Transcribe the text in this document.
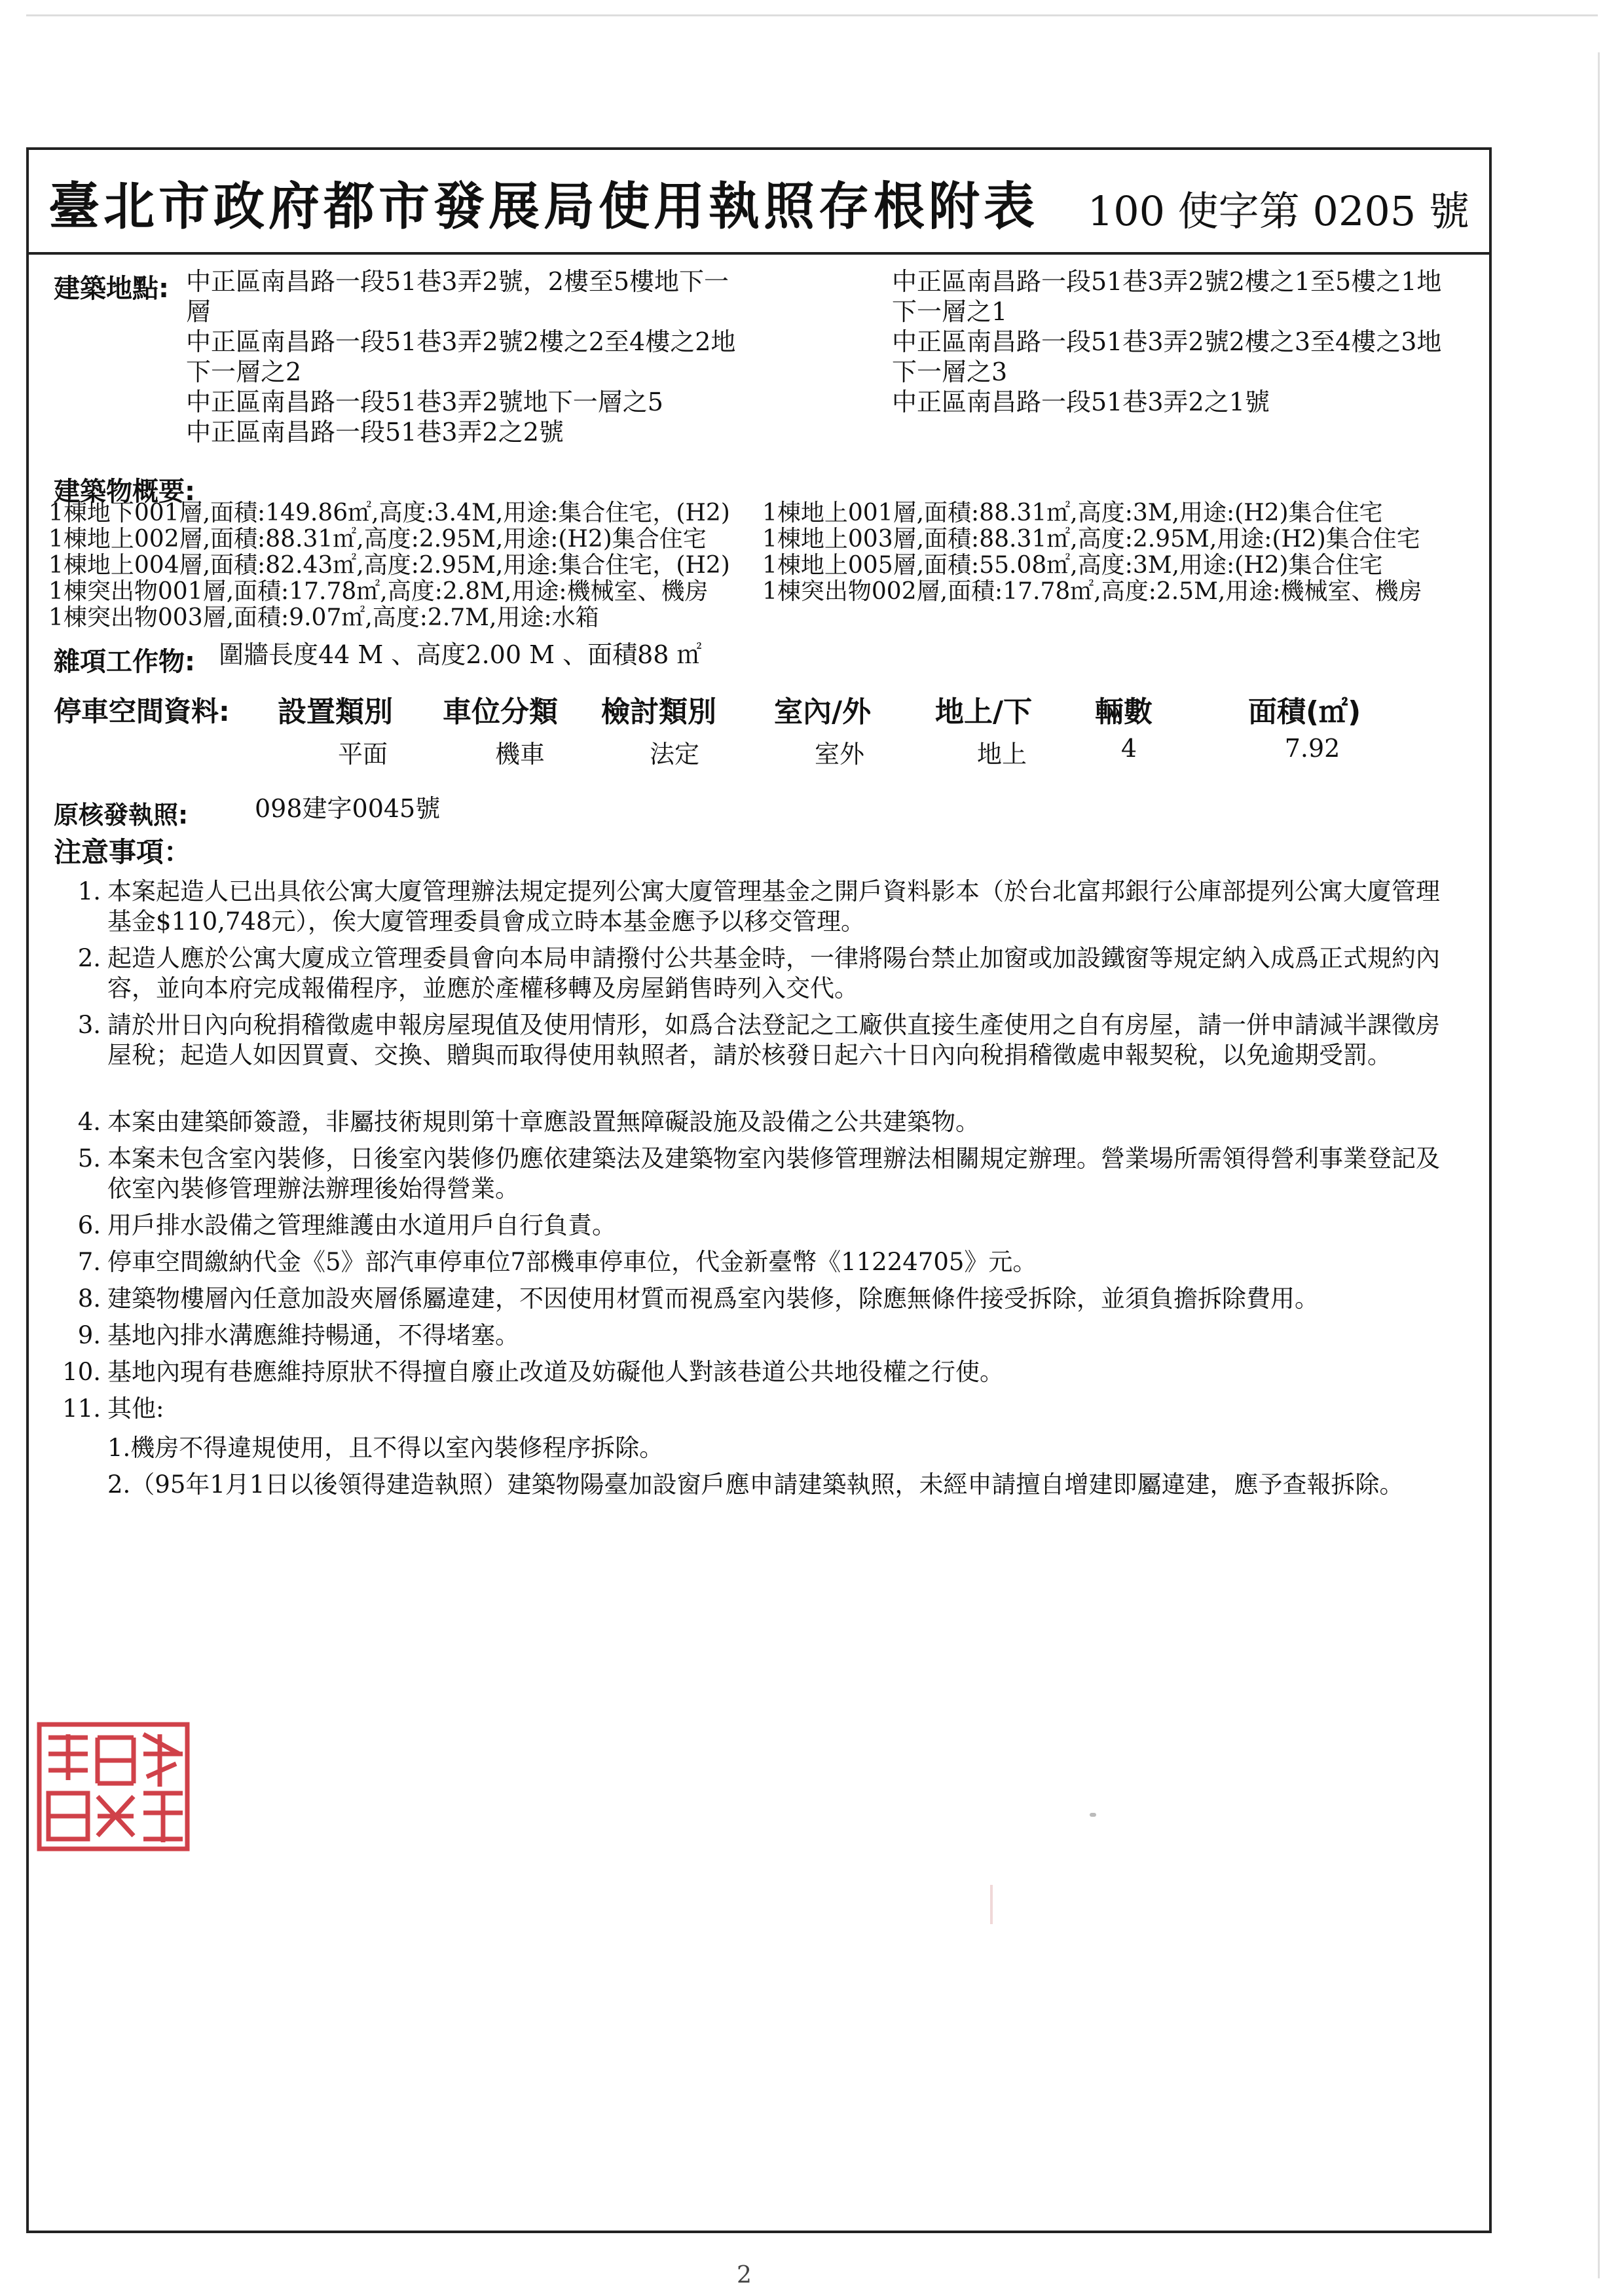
臺北市政府都市發展局使用執照存根附表 100 使字第 0205 號
建築地點: 中正區南昌路一段51巷3弄2號，2樓至5樓地下一
層
中正區南昌路一段51巷3弄2號2樓之2至4樓之2地
下一層之2
中正區南昌路一段51巷3弄2號地下一層之5
中正區南昌路一段51巷3弄2之2號
中正區南昌路一段51巷3弄2號2樓之1至5樓之1地
下一層之1
中正區南昌路一段51巷3弄2號2樓之3至4樓之3地
下一層之3
中正區南昌路一段51巷3弄2之1號
建築物概要:
1棟地下001層,面積:149.86㎡,高度:3.4M,用途:集合住宅，(H2)
1棟地上002層,面積:88.31㎡,高度:2.95M,用途:(H2)集合住宅
1棟地上004層,面積:82.43㎡,高度:2.95M,用途:集合住宅，(H2)
1棟突出物001層,面積:17.78㎡,高度:2.8M,用途:機械室、機房
1棟突出物003層,面積:9.07㎡,高度:2.7M,用途:水箱
1棟地上001層,面積:88.31㎡,高度:3M,用途:(H2)集合住宅
1棟地上003層,面積:88.31㎡,高度:2.95M,用途:(H2)集合住宅
1棟地上005層,面積:55.08㎡,高度:3M,用途:(H2)集合住宅
1棟突出物002層,面積:17.78㎡,高度:2.5M,用途:機械室、機房
雜項工作物: 圍牆長度44 M 、高度2.00 M 、面積88 ㎡
停車空間資料: 設置類別 車位分類 檢討類別 室內/外 地上/下 輛數	面積(㎡)
平面	機車	法定	室外	地上	4	7.92
原核發執照:	098建字0045號
注意事項：
1. 本案起造人已出具依公寓大廈管理辦法規定提列公寓大廈管理基金之開戶資料影本（於台北富邦銀行公庫部提列公寓大廈管理基金$110,748元），俟大廈管理委員會成立時本基金應予以移交管理。
2. 起造人應於公寓大廈成立管理委員會向本局申請撥付公共基金時，一律將陽台禁止加窗或加設鐵窗等規定納入成爲正式規約內容，並向本府完成報備程序，並應於產權移轉及房屋銷售時列入交代。
3. 請於卅日內向稅捐稽徵處申報房屋現值及使用情形，如爲合法登記之工廠供直接生產使用之自有房屋，請一併申請減半課徵房屋稅；起造人如因買賣、交換、贈與而取得使用執照者，請於核發日起六十日內向稅捐稽徵處申報契稅，以免逾期受罰。
4. 本案由建築師簽證，非屬技術規則第十章應設置無障礙設施及設備之公共建築物。
5. 本案未包含室內裝修，日後室內裝修仍應依建築法及建築物室內裝修管理辦法相關規定辦理。營業場所需領得營利事業登記及依室內裝修管理辦法辦理後始得營業。
6. 用戶排水設備之管理維護由水道用戶自行負責。
7. 停車空間繳納代金《5》部汽車停車位7部機車停車位，代金新臺幣《11224705》元。
8. 建築物樓層內任意加設夾層係屬違建，不因使用材質而視爲室內裝修，除應無條件接受拆除，並須負擔拆除費用。
9. 基地內排水溝應維持暢通，不得堵塞。
10. 基地內現有巷應維持原狀不得擅自廢止改道及妨礙他人對該巷道公共地役權之行使。
11. 其他:
1.機房不得違規使用，且不得以室內裝修程序拆除。
2.（95年1月1日以後領得建造執照）建築物陽臺加設窗戶應申請建築執照，未經申請擅自增建即屬違建，應予查報拆除。
2
